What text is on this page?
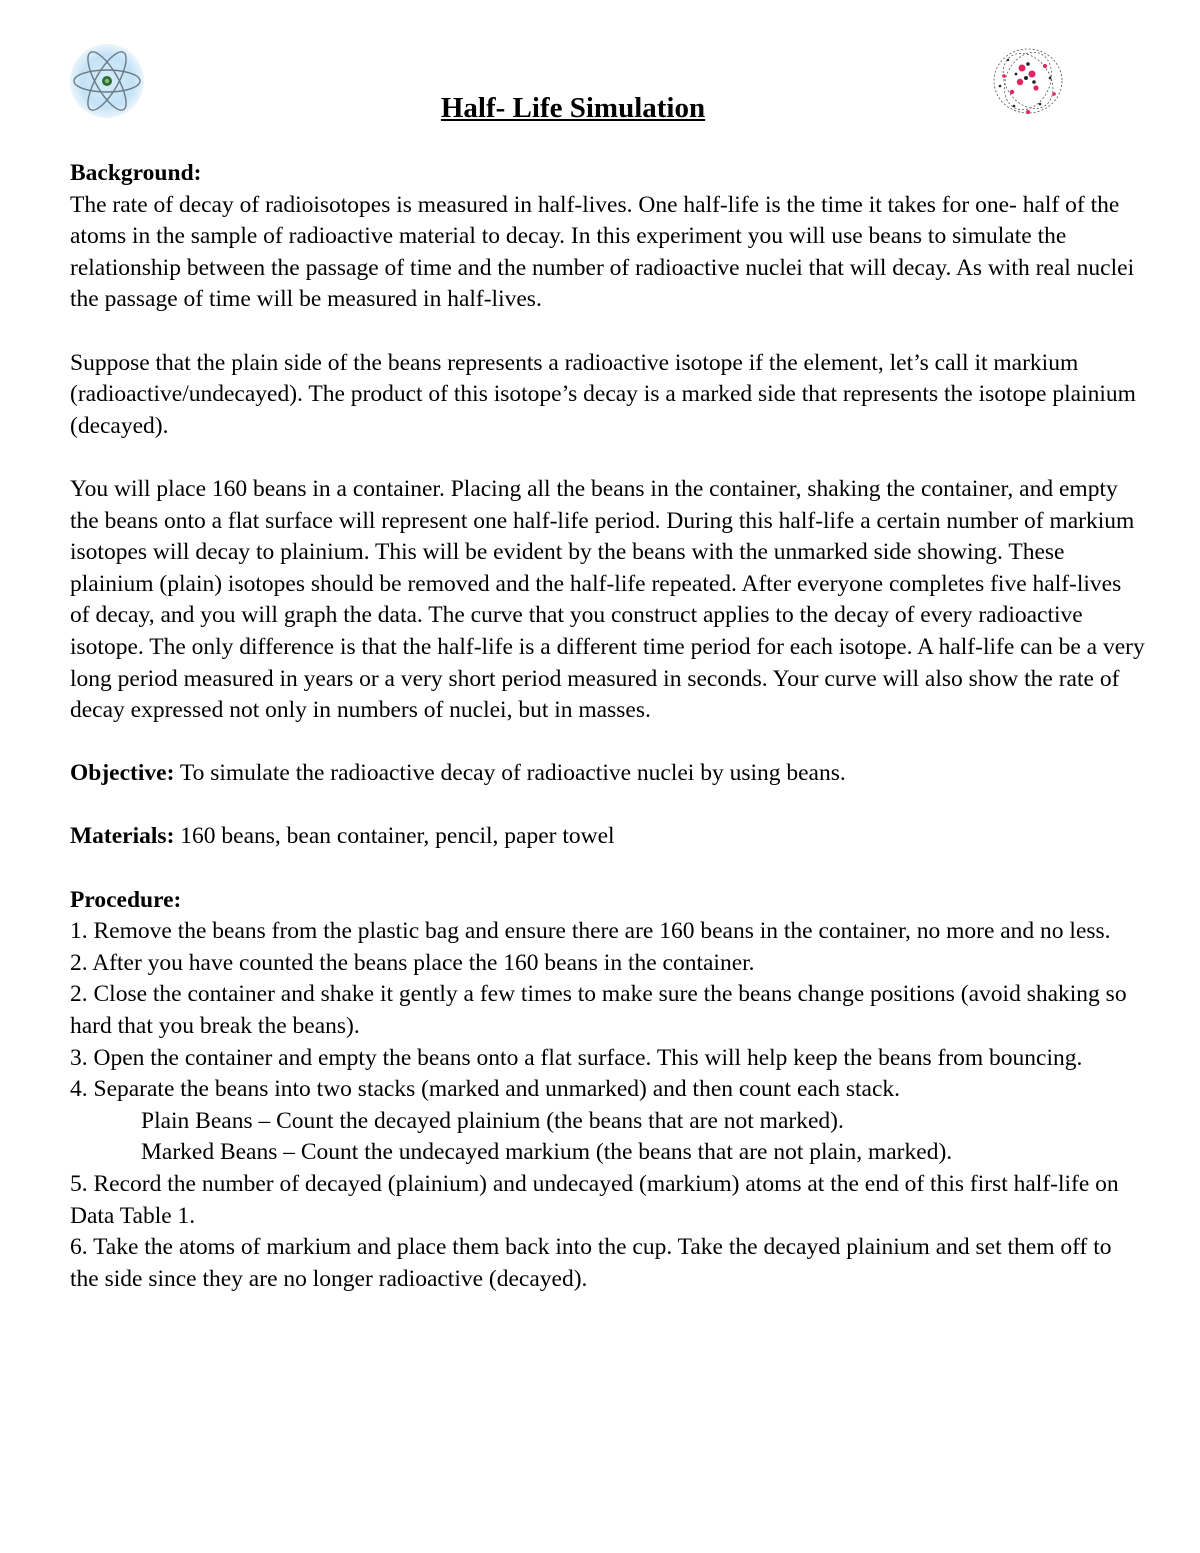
Half- Life Simulation

Background:

The rate of decay of radioisotopes is measured in half-lives. One half-life is the time it takes for one- half of the atoms in the sample of radioactive material to decay. In this experiment you will use beans to simulate the relationship between the passage of time and the number of radioactive nuclei that will decay. As with real nuclei the passage of time will be measured in half-lives.

Suppose that the plain side of the beans represents a radioactive isotope if the element, let’s call it markium (radioactive/undecayed). The product of this isotope’s decay is a marked side that represents the isotope plainium (decayed).

You will place 160 beans in a container. Placing all the beans in the container, shaking the container, and empty the beans onto a flat surface will represent one half-life period. During this half-life a certain number of markium isotopes will decay to plainium. This will be evident by the beans with the unmarked side showing. These plainium (plain) isotopes should be removed and the half-life repeated. After everyone completes five half-lives of decay, and you will graph the data. The curve that you construct applies to the decay of every radioactive isotope. The only difference is that the half-life is a different time period for each isotope. A half-life can be a very long period measured in years or a very short period measured in seconds. Your curve will also show the rate of decay expressed not only in numbers of nuclei, but in masses.

Objective: To simulate the radioactive decay of radioactive nuclei by using beans.

Materials: 160 beans, bean container, pencil, paper towel

Procedure:

1. Remove the beans from the plastic bag and ensure there are 160 beans in the container, no more and no less.

2. After you have counted the beans place the 160 beans in the container.

2. Close the container and shake it gently a few times to make sure the beans change positions (avoid shaking so hard that you break the beans).

3. Open the container and empty the beans onto a flat surface. This will help keep the beans from bouncing.

4. Separate the beans into two stacks (marked and unmarked) and then count each stack.

Plain Beans – Count the decayed plainium (the beans that are not marked).

Marked Beans – Count the undecayed markium (the beans that are not plain, marked).

5. Record the number of decayed (plainium) and undecayed (markium) atoms at the end of this first half-life on Data Table 1.

6. Take the atoms of markium and place them back into the cup. Take the decayed plainium and set them off to the side since they are no longer radioactive (decayed).
